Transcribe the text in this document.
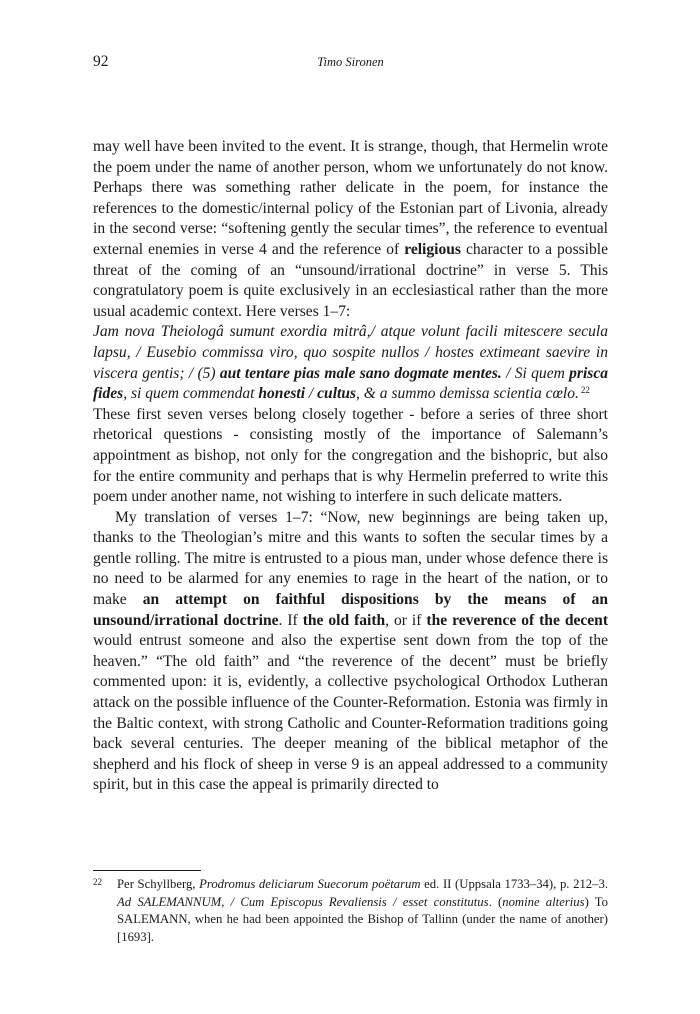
92	Timo Sironen

may well have been invited to the event. It is strange, though, that Hermelin wrote the poem under the name of another person, whom we unfortunately do not know. Perhaps there was something rather delicate in the poem, for instance the references to the domestic/internal policy of the Estonian part of Livonia, already in the second verse: “softening gently the secular times”, the reference to eventual external enemies in verse 4 and the reference of religious character to a possible threat of the coming of an “unsound/irrational doctrine” in verse 5. This congratulatory poem is quite exclusively in an ecclesiastical rather than the more usual academic context. Here verses 1–7:

Jam nova Theiologâ sumunt exordia mitrâ,/ atque volunt facili mitescere secula lapsu, / Eusebio commissa viro, quo sospite nullos / hostes extimeant saevire in viscera gentis; / (5) aut tentare pias male sano dogmate mentes. / Si quem prisca fides, si quem commendat honesti / cultus, & a summo demissa scientia cœlo. $^{22}$

These first seven verses belong closely together - before a series of three short rhetorical questions - consisting mostly of the importance of Salemann’s appointment as bishop, not only for the congregation and the bishopric, but also for the entire community and perhaps that is why Hermelin preferred to write this poem under another name, not wishing to interfere in such delicate matters.

My translation of verses 1–7: “Now, new beginnings are being taken up, thanks to the Theologian’s mitre and this wants to soften the secular times by a gentle rolling. The mitre is entrusted to a pious man, under whose defence there is no need to be alarmed for any enemies to rage in the heart of the nation, or to make an attempt on faithful dispositions by the means of an unsound/irrational doctrine. If the old faith, or if the reverence of the decent would entrust someone and also the expertise sent down from the top of the heaven.” “The old faith” and “the reverence of the decent” must be briefly commented upon: it is, evidently, a collective psychological Orthodox Lutheran attack on the possible influence of the Counter-Reformation. Estonia was firmly in the Baltic context, with strong Catholic and Counter-Reformation traditions going back several centuries. The deeper meaning of the biblical metaphor of the shepherd and his flock of sheep in verse 9 is an appeal addressed to a community spirit, but in this case the appeal is primarily directed to

22 Per Schyllberg, Prodromus deliciarum Suecorum poëtarum ed. II (Uppsala 1733–34), p. 212–3. Ad SALEMANNUM, / Cum Episcopus Revaliensis / esset constitutus. (nomine alterius) To SALEMANN, when he had been appointed the Bishop of Tallinn (under the name of another) [1693].
